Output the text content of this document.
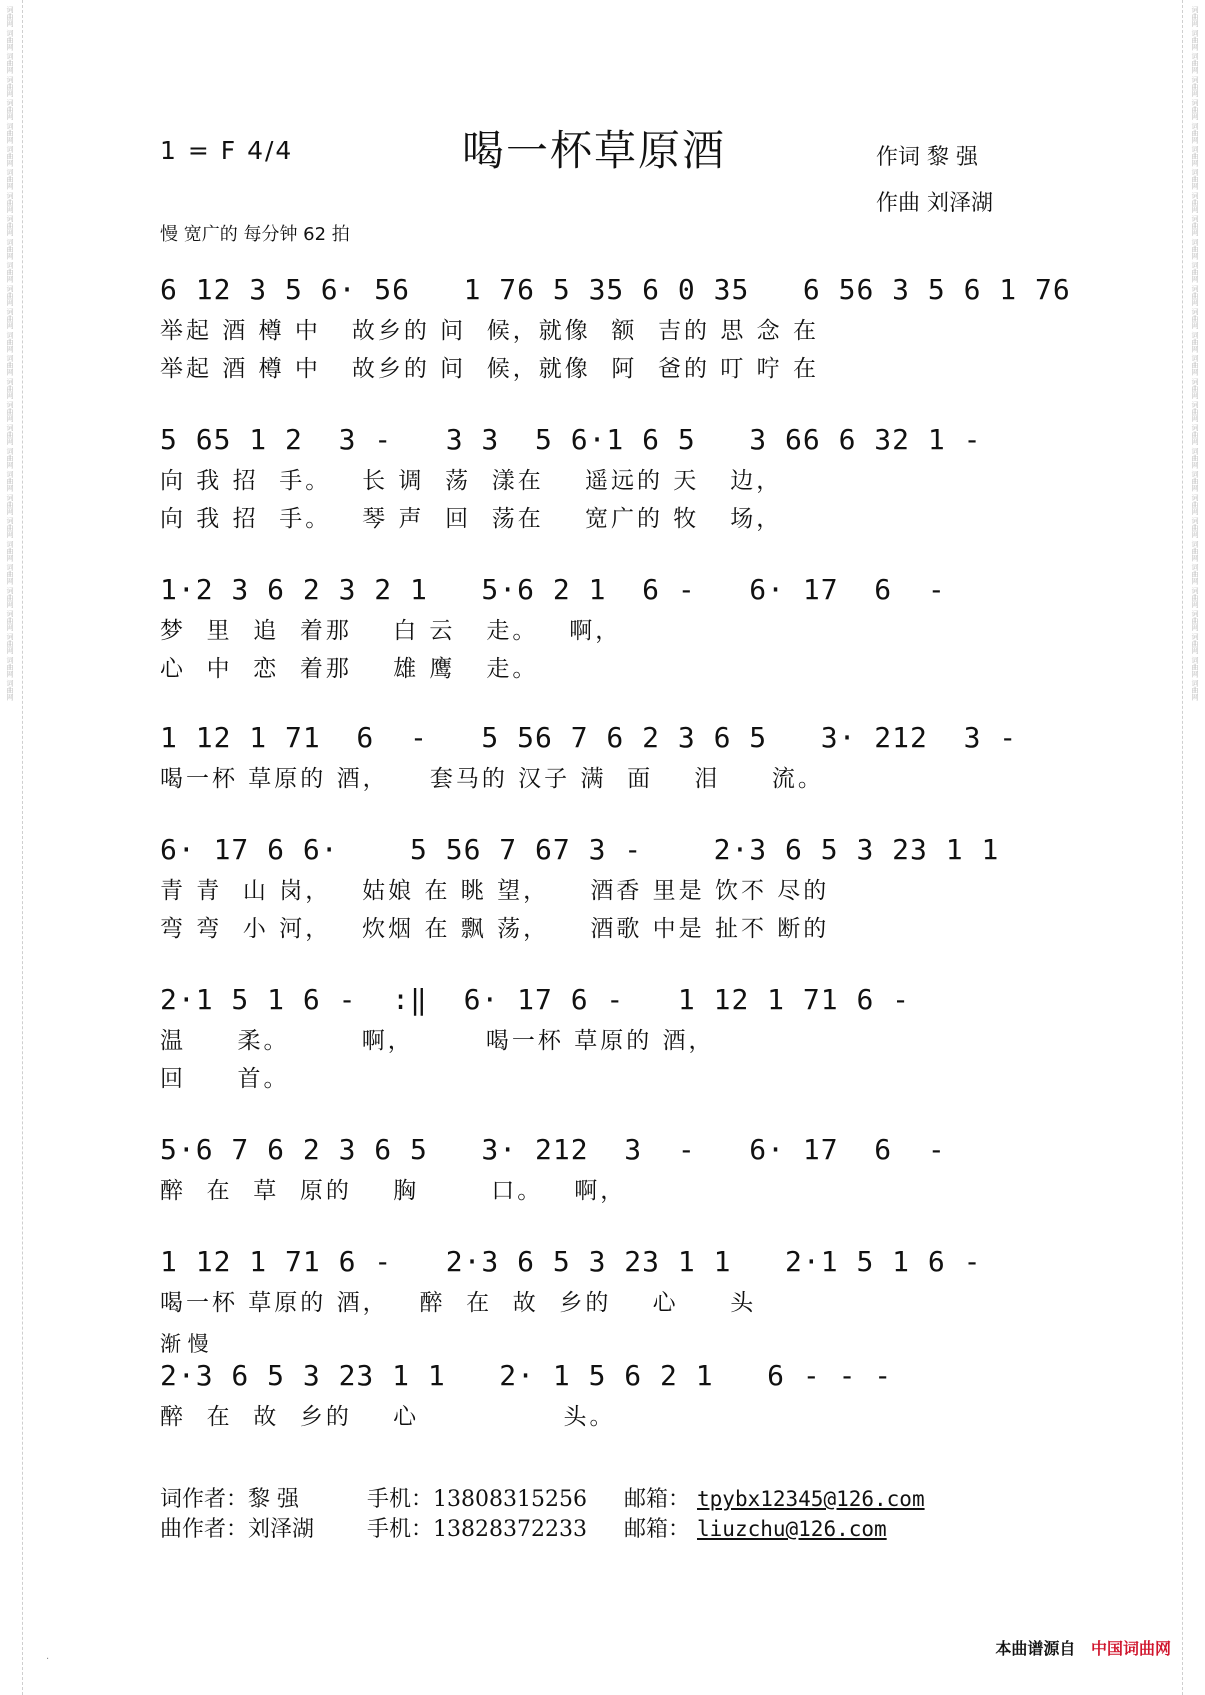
词曲网 词曲网 词曲网 词曲网 词曲网 词曲网 词曲网 词曲网 词曲网 词曲网 词曲网 词曲网 词曲网 词曲网 词曲网 词曲网 词曲网 词曲网 词曲网 词曲网 词曲网 词曲网 词曲网 词曲网 词曲网 词曲网 词曲网 词曲网 词曲网 词曲网	词曲网 词曲网 词曲网 词曲网 词曲网 词曲网 词曲网 词曲网 词曲网 词曲网 词曲网 词曲网 词曲网 词曲网 词曲网 词曲网 词曲网 词曲网 词曲网 词曲网 词曲网 词曲网 词曲网 词曲网 词曲网 词曲网 词曲网 词曲网 词曲网 词曲网
1 = F 4/4	喝一杯草原酒	作词 黎 强
作曲 刘泽湖
慢 宽广的 每分钟 62 拍
6 12 3 5 6· 56   1 76 5 35 6 0 35   6 56 3 5 6 1 76
举起 酒 樽 中   故乡的 问  候，就像  额  吉的 思 念 在
举起 酒 樽 中   故乡的 问  候，就像  阿  爸的 叮 咛 在
5 65 1 2  3 -   3 3  5 6·1 6 5   3 66 6 32 1 -
向 我 招  手。   长 调  荡  漾在    遥远的 天   边，
向 我 招  手。   琴 声  回  荡在    宽广的 牧   场，
1·2 3 6 2 3 2 1   5·6 2 1  6 -   6· 17  6  -
梦  里  追  着那    白 云   走。   啊，
心  中  恋  着那    雄 鹰   走。
1 12 1 71  6  -   5 56 7 6 2 3 6 5   3· 212  3 -
喝一杯 草原的 酒，    套马的 汉子 满  面    泪     流。
6· 17 6 6·    5 56 7 67 3 -    2·3 6 5 3 23 1 1
青 青  山 岗，   姑娘 在 眺 望，    酒香 里是 饮不 尽的
弯 弯  小 河，   炊烟 在 飘 荡，    酒歌 中是 扯不 断的
2·1 5 1 6 -  :‖  6· 17 6 -   1 12 1 71 6 -
温     柔。       啊，       喝一杯 草原的 酒，
回     首。
5·6 7 6 2 3 6 5   3· 212  3  -   6· 17  6  -
醉  在  草  原的    胸       口。   啊，
1 12 1 71 6 -   2·3 6 5 3 23 1 1   2·1 5 1 6 -
喝一杯 草原的 酒，   醉  在  故  乡的    心     头
渐 慢
2·3 6 5 3 23 1 1   2· 1 5 6 2 1   6 - - -
醉  在  故  乡的    心              头。
词作者：黎 强	手机：13808315256 邮箱： tpybx12345@126.com
曲作者：刘泽湖 手机：13828372233 邮箱： liuzchu@126.com
·
本曲谱源自 中国词曲网
